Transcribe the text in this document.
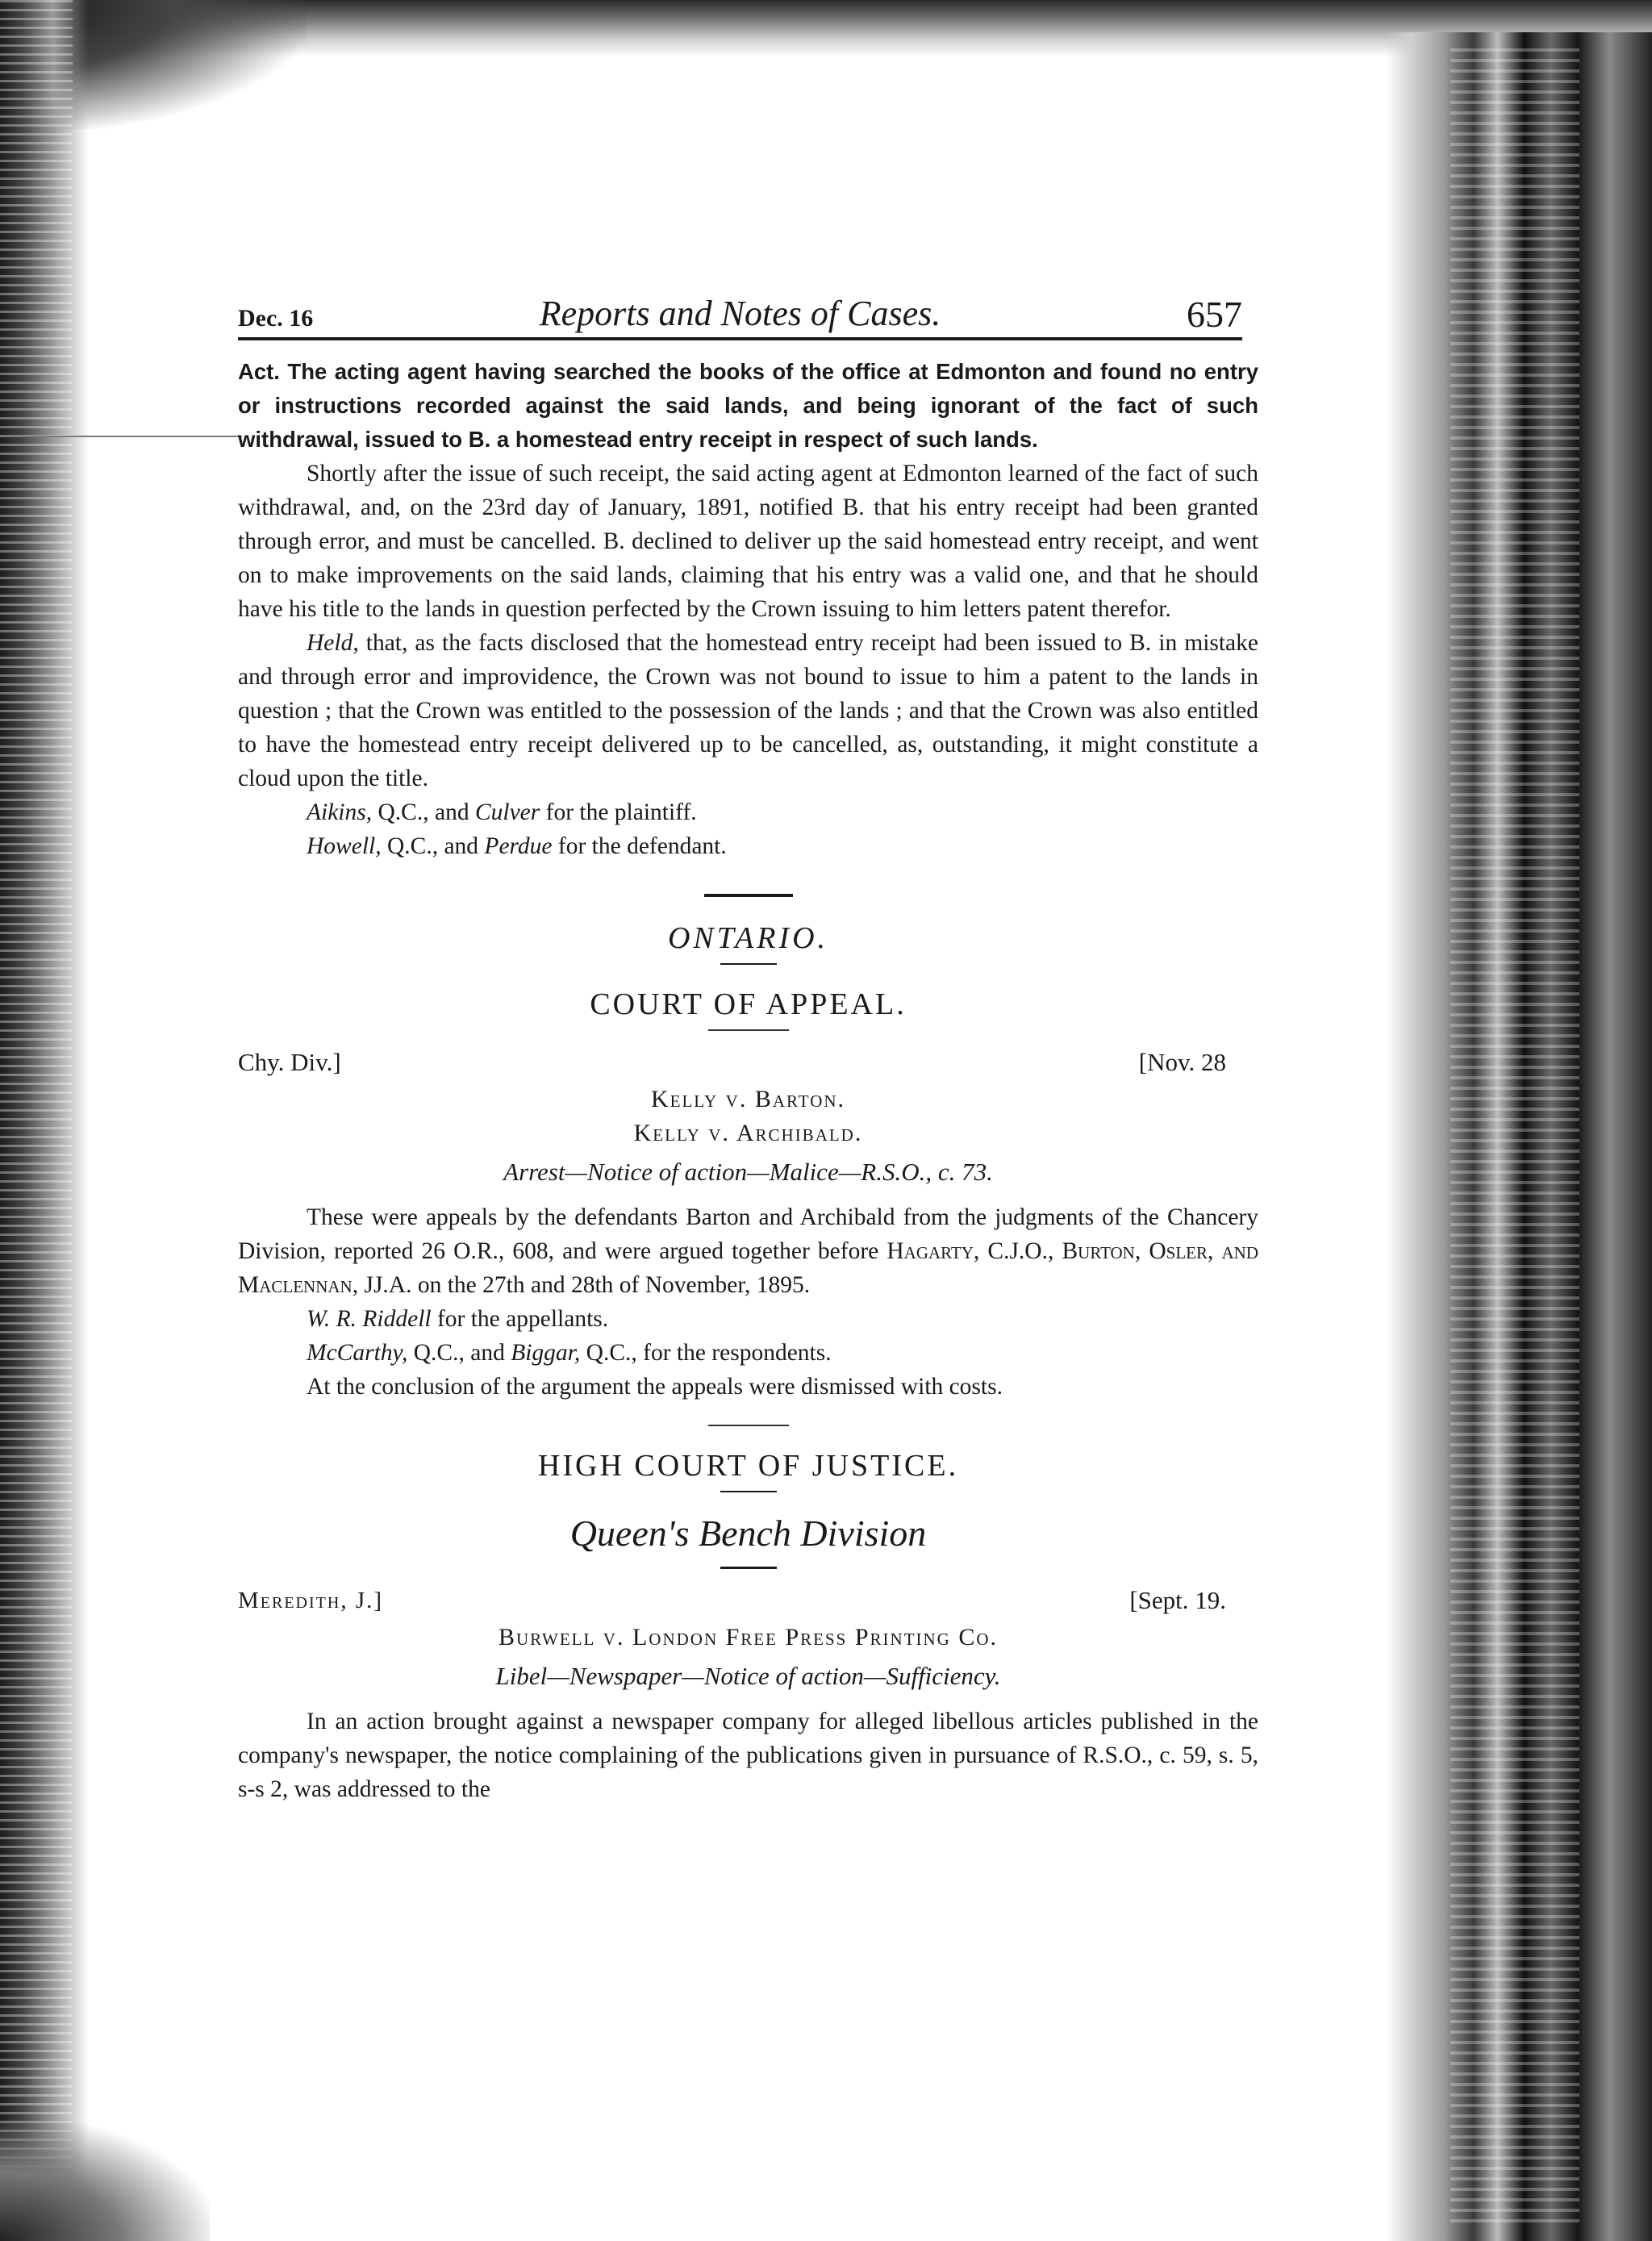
Dec. 16	Reports and Notes of Cases.	657

Act. The acting agent having searched the books of the office at Edmonton and found no entry or instructions recorded against the said lands, and being ignorant of the fact of such withdrawal, issued to B. a homestead entry receipt in respect of such lands.

Shortly after the issue of such receipt, the said acting agent at Edmonton learned of the fact of such withdrawal, and, on the 23rd day of January, 1891, notified B. that his entry receipt had been granted through error, and must be cancelled. B. declined to deliver up the said homestead entry receipt, and went on to make improvements on the said lands, claiming that his entry was a valid one, and that he should have his title to the lands in question perfected by the Crown issuing to him letters patent therefor.

Held, that, as the facts disclosed that the homestead entry receipt had been issued to B. in mistake and through error and improvidence, the Crown was not bound to issue to him a patent to the lands in question ; that the Crown was entitled to the possession of the lands ; and that the Crown was also entitled to have the homestead entry receipt delivered up to be cancelled, as, outstanding, it might constitute a cloud upon the title.

Aikins, Q.C., and Culver for the plaintiff.

Howell, Q.C., and Perdue for the defendant.

ONTARIO.
COURT OF APPEAL.
Chy. Div.]	[Nov. 28
Kelly v. Barton.
Kelly v. Archibald.
Arrest—Notice of action—Malice—R.S.O., c. 73.

These were appeals by the defendants Barton and Archibald from the judgments of the Chancery Division, reported 26 O.R., 608, and were argued together before Hagarty, C.J.O., Burton, Osler, and Maclennan, JJ.A. on the 27th and 28th of November, 1895.

W. R. Riddell for the appellants.

McCarthy, Q.C., and Biggar, Q.C., for the respondents.

At the conclusion of the argument the appeals were dismissed with costs.

HIGH COURT OF JUSTICE.
Queen's Bench Division
Meredith, J.]	[Sept. 19.
Burwell v. London Free Press Printing Co.
Libel—Newspaper—Notice of action—Sufficiency.

In an action brought against a newspaper company for alleged libellous articles published in the company's newspaper, the notice complaining of the publications given in pursuance of R.S.O., c. 59, s. 5, s-s 2, was addressed to the
